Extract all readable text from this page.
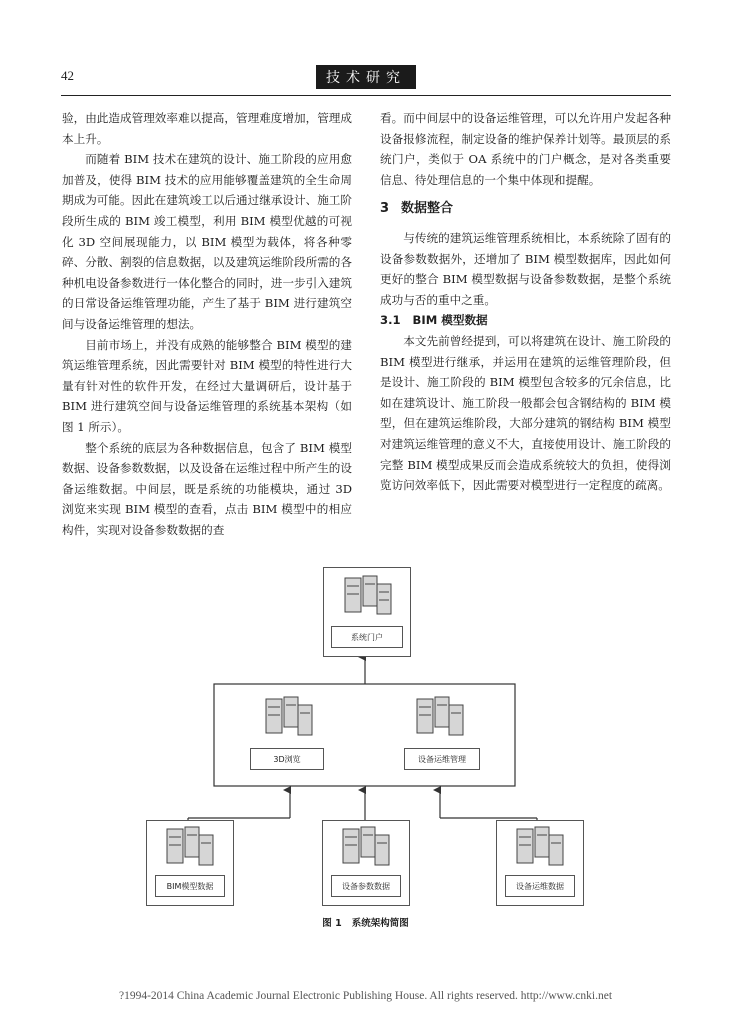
42	技术研究

验，由此造成管理效率难以提高，管理难度增加，管理成本上升。

而随着 BIM 技术在建筑的设计、施工阶段的应用愈加普及，使得 BIM 技术的应用能够覆盖建筑的全生命周期成为可能。因此在建筑竣工以后通过继承设计、施工阶段所生成的 BIM 竣工模型，利用 BIM 模型优越的可视化 3D 空间展现能力，以 BIM 模型为载体，将各种零碎、分散、割裂的信息数据，以及建筑运维阶段所需的各种机电设备参数进行一体化整合的同时，进一步引入建筑的日常设备运维管理功能，产生了基于 BIM 进行建筑空间与设备运维管理的想法。

目前市场上，并没有成熟的能够整合 BIM 模型的建筑运维管理系统，因此需要针对 BIM 模型的特性进行大量有针对性的软件开发，在经过大量调研后，设计基于 BIM 进行建筑空间与设备运维管理的系统基本架构（如图 1 所示）。

整个系统的底层为各种数据信息，包含了 BIM 模型数据、设备参数数据，以及设备在运维过程中所产生的设备运维数据。中间层，既是系统的功能模块，通过 3D 浏览来实现 BIM 模型的查看，点击 BIM 模型中的相应构件，实现对设备参数数据的查

看。而中间层中的设备运维管理，可以允许用户发起各种设备报修流程，制定设备的维护保养计划等。最顶层的系统门户，类似于 OA 系统中的门户概念，是对各类重要信息、待处理信息的一个集中体现和提醒。

3 数据整合

与传统的建筑运维管理系统相比，本系统除了固有的设备参数数据外，还增加了 BIM 模型数据库，因此如何更好的整合 BIM 模型数据与设备参数数据，是整个系统成功与否的重中之重。

3.1 BIM 模型数据

本文先前曾经提到，可以将建筑在设计、施工阶段的 BIM 模型进行继承，并运用在建筑的运维管理阶段，但是设计、施工阶段的 BIM 模型包含较多的冗余信息，比如在建筑设计、施工阶段一般都会包含钢结构的 BIM 模型，但在建筑运维阶段，大部分建筑的钢结构 BIM 模型对建筑运维管理的意义不大，直接使用设计、施工阶段的完整 BIM 模型成果反而会造成系统较大的负担，使得浏览访问效率低下，因此需要对模型进行一定程度的疏离。

系统门户
3D浏览	设备运维管理
BIM模型数据	设备参数数据	设备运维数据
图 1 系统架构简图
?1994-2014 China Academic Journal Electronic Publishing House. All rights reserved. http://www.cnki.net
